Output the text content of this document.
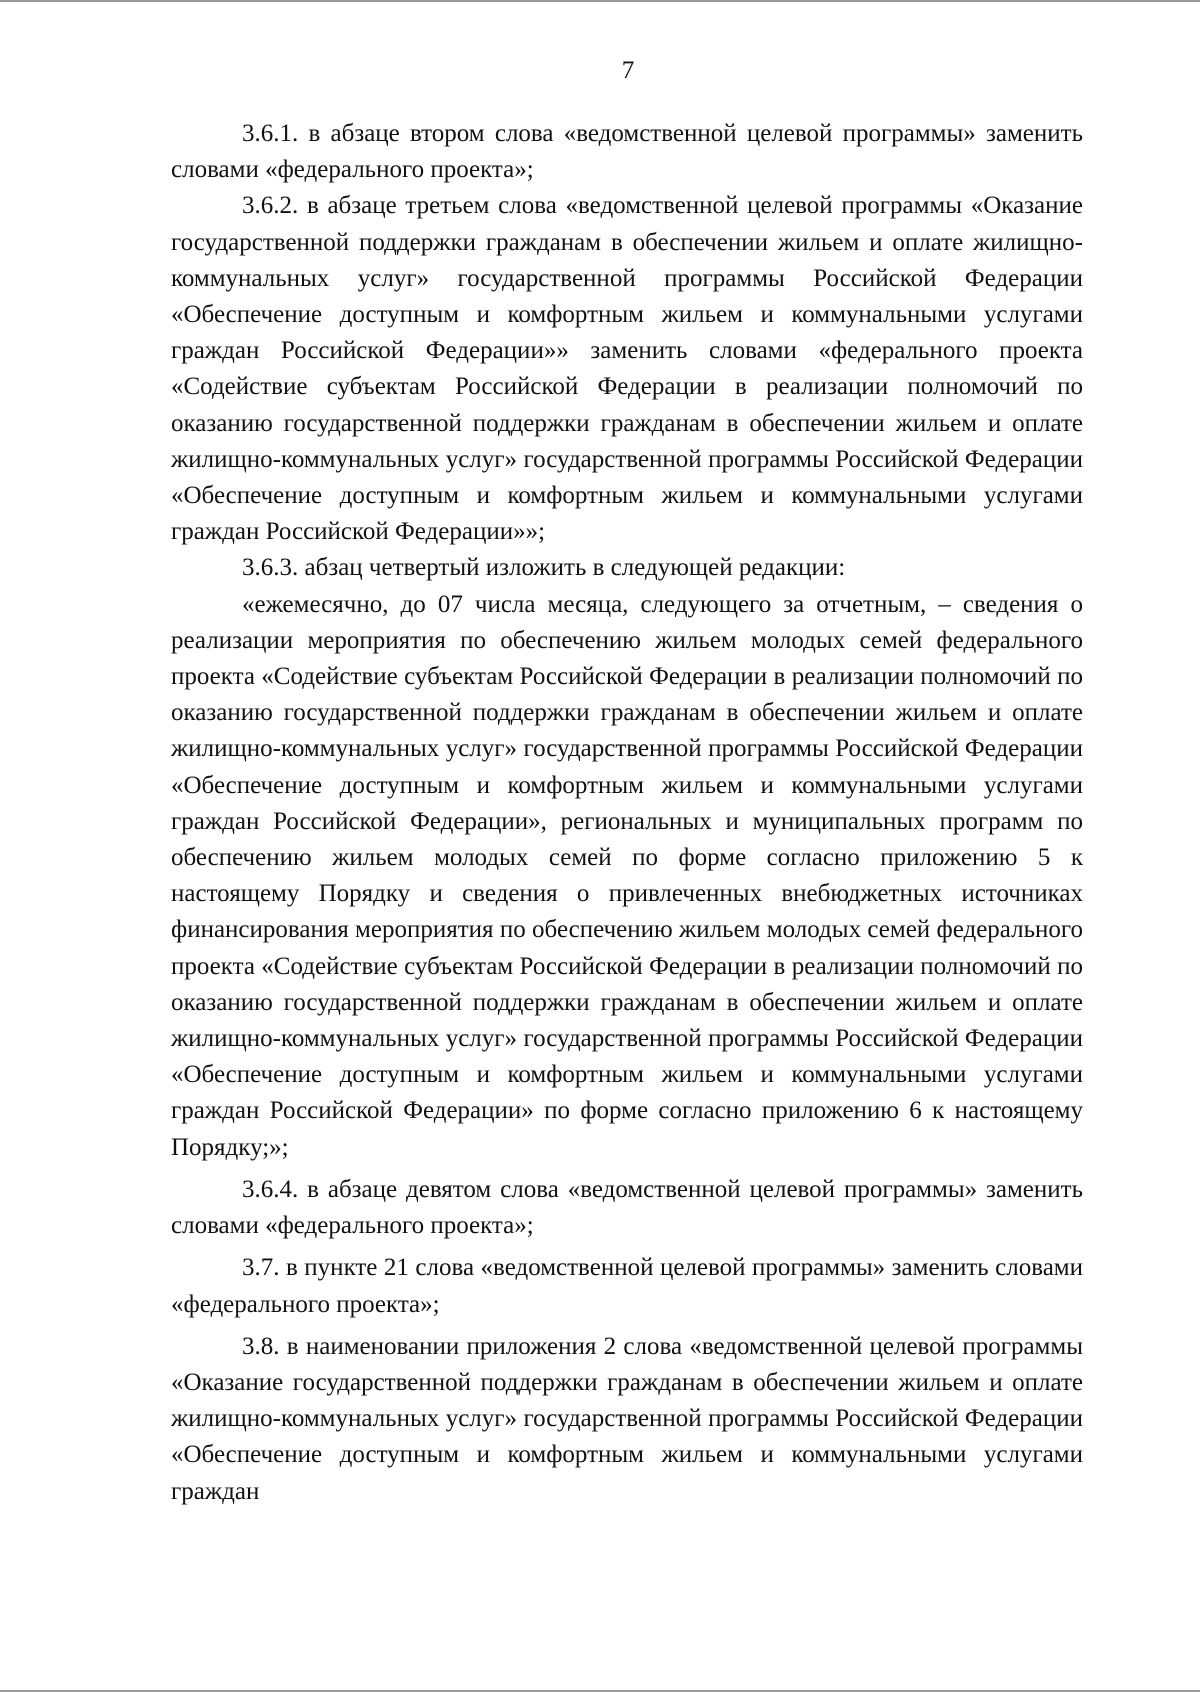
7

3.6.1. в абзаце втором слова «ведомственной целевой программы» заменить словами «федерального проекта»;

3.6.2. в абзаце третьем слова «ведомственной целевой программы «Оказание государственной поддержки гражданам в обеспечении жильем и оплате жилищно-коммунальных услуг» государственной программы Российской Федерации «Обеспечение доступным и комфортным жильем и коммунальными услугами граждан Российской Федерации»» заменить словами «федерального проекта «Содействие субъектам Российской Федерации в реализации полномочий по оказанию государственной поддержки гражданам в обеспечении жильем и оплате жилищно-коммунальных услуг» государственной программы Российской Федерации «Обеспечение доступным и комфортным жильем и коммунальными услугами граждан Российской Федерации»»;

3.6.3. абзац четвертый изложить в следующей редакции:

«ежемесячно, до 07 числа месяца, следующего за отчетным, – сведения о реализации мероприятия по обеспечению жильем молодых семей федерального проекта «Содействие субъектам Российской Федерации в реализации полномочий по оказанию государственной поддержки гражданам в обеспечении жильем и оплате жилищно-коммунальных услуг» государственной программы Российской Федерации «Обеспечение доступным и комфортным жильем и коммунальными услугами граждан Российской Федерации», региональных и муниципальных программ по обеспечению жильем молодых семей по форме согласно приложению 5 к настоящему Порядку и сведения о привлеченных внебюджетных источниках финансирования мероприятия по обеспечению жильем молодых семей федерального проекта «Содействие субъектам Российской Федерации в реализации полномочий по оказанию государственной поддержки гражданам в обеспечении жильем и оплате жилищно-коммунальных услуг» государственной программы Российской Федерации «Обеспечение доступным и комфортным жильем и коммунальными услугами граждан Российской Федерации» по форме согласно приложению 6 к настоящему Порядку;»;

3.6.4. в абзаце девятом слова «ведомственной целевой программы» заменить словами «федерального проекта»;

3.7. в пункте 21 слова «ведомственной целевой программы» заменить словами «федерального проекта»;

3.8. в наименовании приложения 2 слова «ведомственной целевой программы «Оказание государственной поддержки гражданам в обеспечении жильем и оплате жилищно-коммунальных услуг» государственной программы Российской Федерации «Обеспечение доступным и комфортным жильем и коммунальными услугами граждан
